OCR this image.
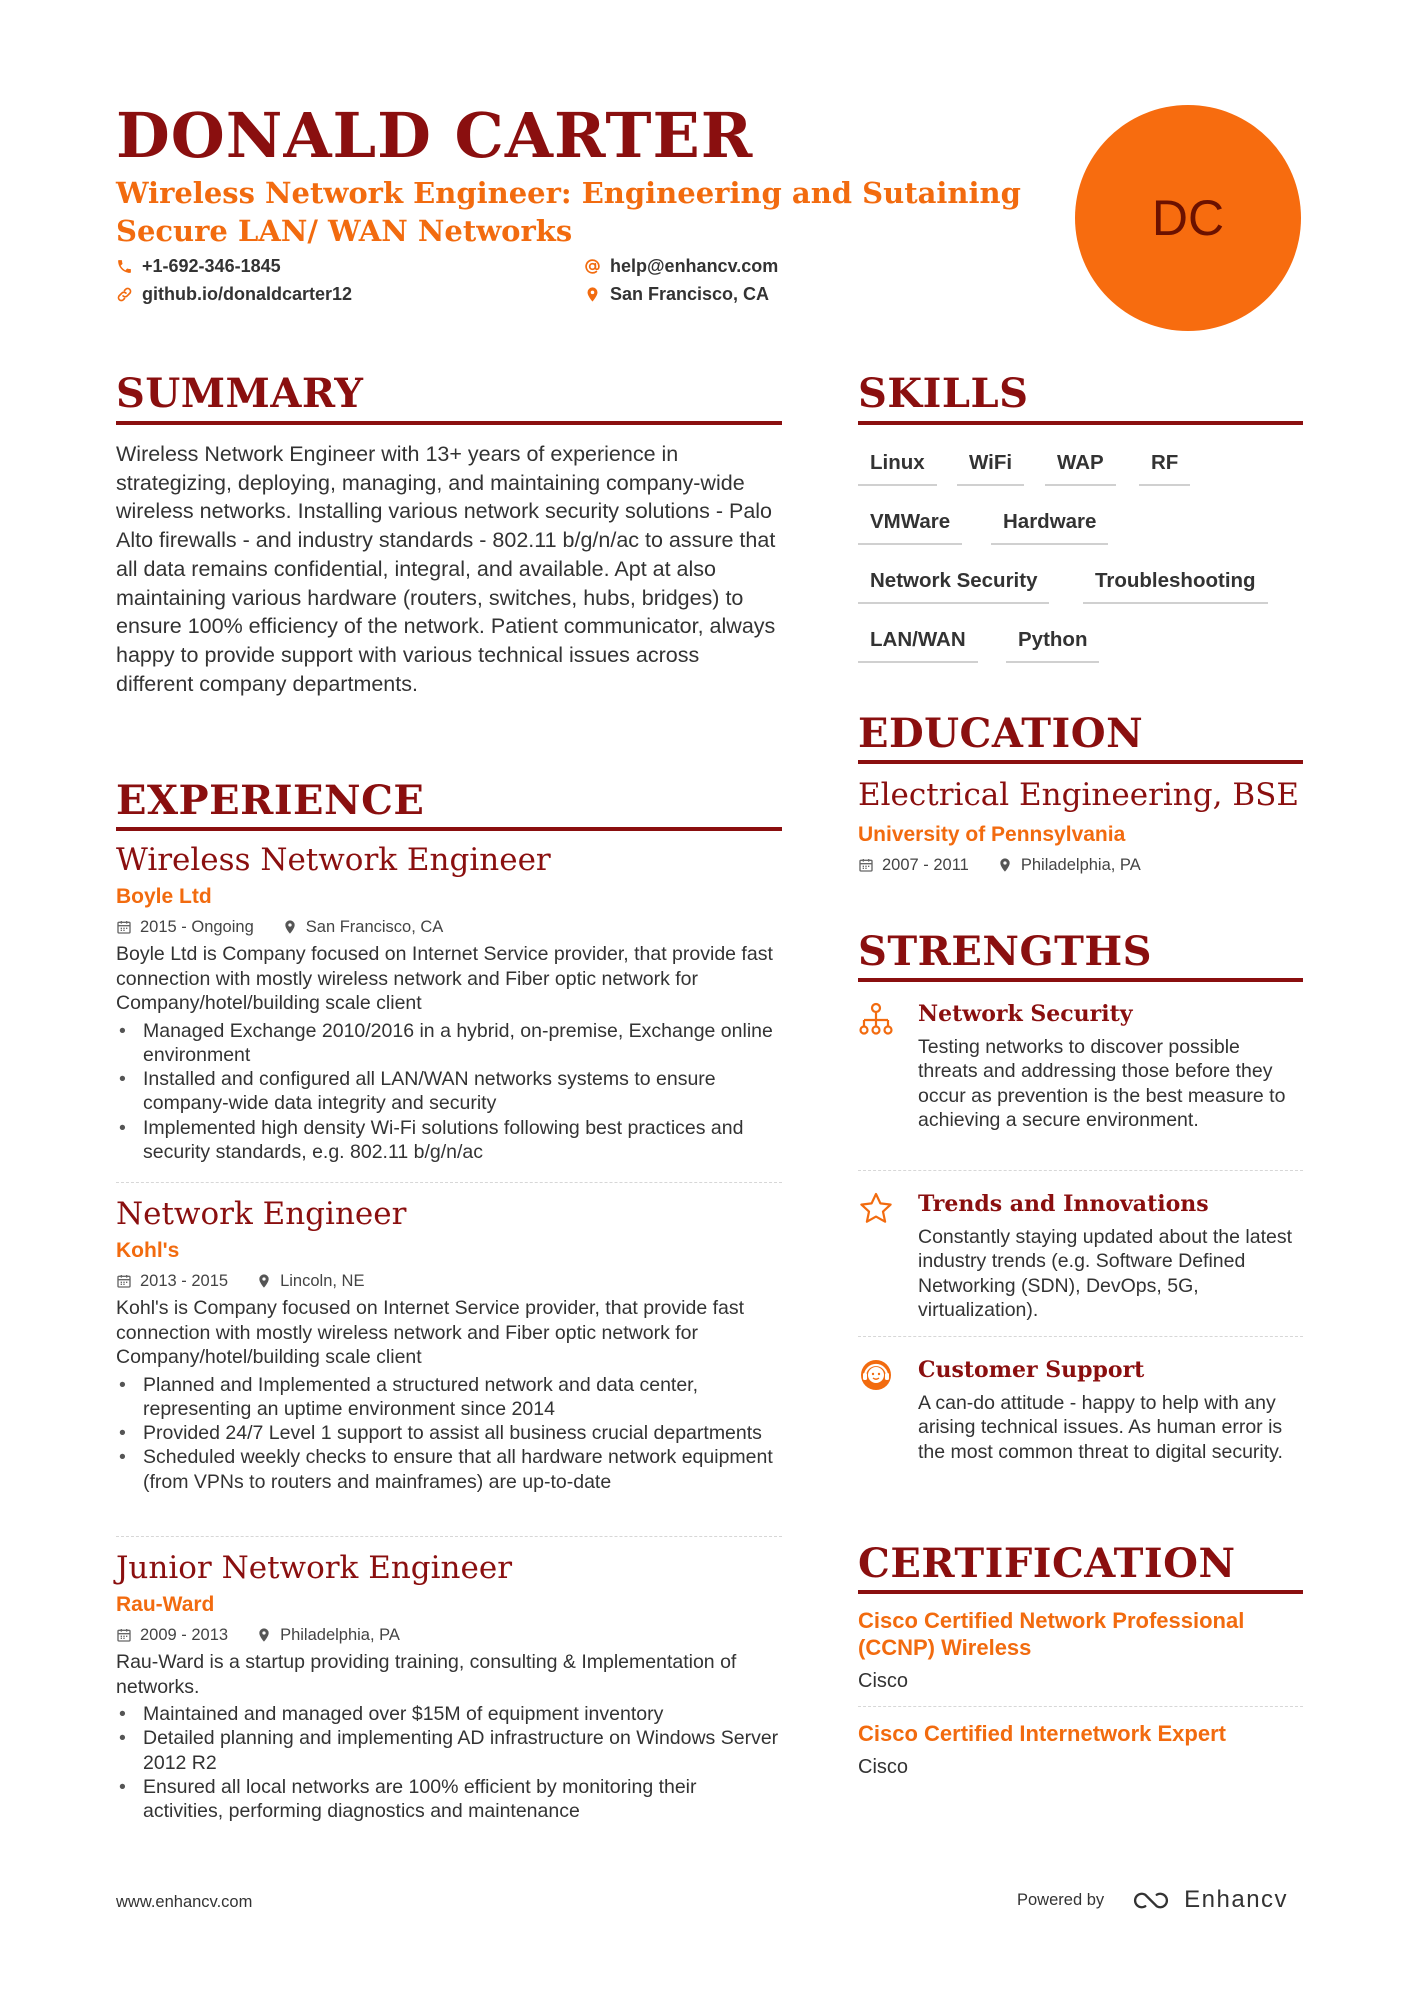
DONALD CARTER
Wireless Network Engineer: Engineering and Sutaining
Secure LAN/ WAN Networks
+1-692-346-1845	help@enhancv.com
github.io/donaldcarter12	San Francisco, CA
DC
SUMMARY
Wireless Network Engineer with 13+ years of experience in strategizing, deploying, managing, and maintaining company-wide wireless networks. Installing various network security solutions - Palo Alto firewalls - and industry standards - 802.11 b/g/n/ac to assure that all data remains confidential, integral, and available. Apt at also maintaining various hardware (routers, switches, hubs, bridges) to ensure 100% efficiency of the network. Patient communicator, always happy to provide support with various technical issues across different company departments.
EXPERIENCE
Wireless Network Engineer
Boyle Ltd
2015 - Ongoing	San Francisco, CA
Boyle Ltd is Company focused on Internet Service provider, that provide fast connection with mostly wireless network and Fiber optic network for Company/hotel/building scale client
• Managed Exchange 2010/2016 in a hybrid, on-premise, Exchange online environment
• Installed and configured all LAN/WAN networks systems to ensure company-wide data integrity and security
• Implemented high density Wi-Fi solutions following best practices and security standards, e.g. 802.11 b/g/n/ac
Network Engineer
Kohl's
2013 - 2015	Lincoln, NE
Kohl's is Company focused on Internet Service provider, that provide fast connection with mostly wireless network and Fiber optic network for Company/hotel/building scale client
• Planned and Implemented a structured network and data center, representing an uptime environment since 2014
• Provided 24/7 Level 1 support to assist all business crucial departments
• Scheduled weekly checks to ensure that all hardware network equipment (from VPNs to routers and mainframes) are up-to-date
Junior Network Engineer
Rau-Ward
2009 - 2013	Philadelphia, PA
Rau-Ward is a startup providing training, consulting & Implementation of networks.
• Maintained and managed over $15M of equipment inventory
• Detailed planning and implementing AD infrastructure on Windows Server 2012 R2
• Ensured all local networks are 100% efficient by monitoring their activities, performing diagnostics and maintenance
SKILLS
Linux	WiFi	WAP	RF
VMWare	Hardware
Network Security	Troubleshooting
LAN/WAN	Python
EDUCATION
Electrical Engineering, BSE
University of Pennsylvania
2007 - 2011	Philadelphia, PA
STRENGTHS
Network Security
Testing networks to discover possible threats and addressing those before they occur as prevention is the best measure to achieving a secure environment.
Trends and Innovations
Constantly staying updated about the latest industry trends (e.g. Software Defined Networking (SDN), DevOps, 5G, virtualization).
Customer Support
A can-do attitude - happy to help with any arising technical issues. As human error is the most common threat to digital security.
CERTIFICATION
Cisco Certified Network Professional (CCNP) Wireless
Cisco
Cisco Certified Internetwork Expert
Cisco
www.enhancv.com	Powered by	Enhancv
